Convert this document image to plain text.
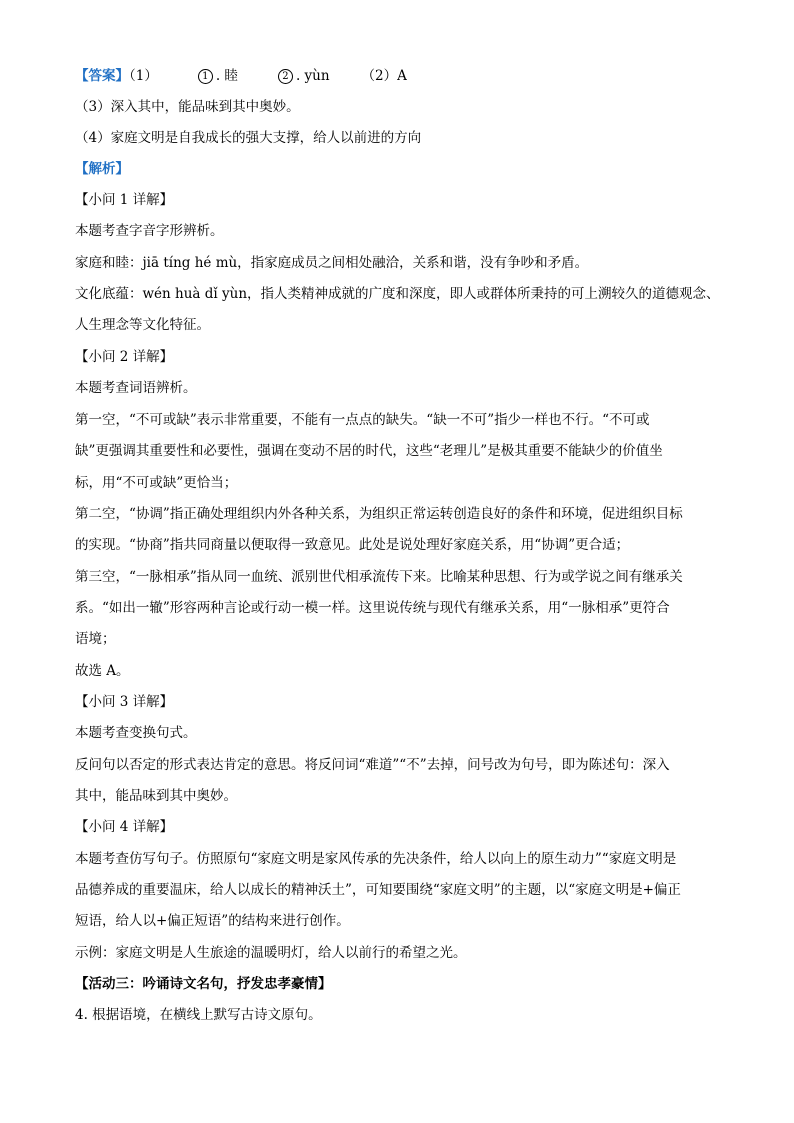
【答案】（1）	1 . 睦	2 . yùn （2）A
（3）深入其中，能品味到其中奥妙。
（4）家庭文明是自我成长的强大支撑，给人以前进的方向
【解析】
【小问 1 详解】
本题考查字音字形辨析。
家庭和睦：jiā tíng hé mù，指家庭成员之间相处融洽，关系和谐，没有争吵和矛盾。
文化底蕴：wén huà dǐ yùn，指人类精神成就的广度和深度，即人或群体所秉持的可上溯较久的道德观念、
人生理念等文化特征。
【小问 2 详解】
本题考查词语辨析。
第一空，“不可或缺”表示非常重要，不能有一点点的缺失。“缺一不可”指少一样也不行。“不可或
缺”更强调其重要性和必要性，强调在变动不居的时代，这些“老理儿”是极其重要不能缺少的价值坐
标，用“不可或缺”更恰当；
第二空，“协调”指正确处理组织内外各种关系，为组织正常运转创造良好的条件和环境，促进组织目标
的实现。“协商”指共同商量以便取得一致意见。此处是说处理好家庭关系，用“协调”更合适；
第三空，“一脉相承”指从同一血统、派别世代相承流传下来。比喻某种思想、行为或学说之间有继承关
系。“如出一辙”形容两种言论或行动一模一样。这里说传统与现代有继承关系，用“一脉相承”更符合
语境；
故选 A。
【小问 3 详解】
本题考查变换句式。
反问句以否定的形式表达肯定的意思。将反问词“难道”“不”去掉，问号改为句号，即为陈述句：深入
其中，能品味到其中奥妙。
【小问 4 详解】
本题考查仿写句子。仿照原句“家庭文明是家风传承的先决条件，给人以向上的原生动力”“家庭文明是
品德养成的重要温床，给人以成长的精神沃土”，可知要围绕“家庭文明”的主题，以“家庭文明是+偏正
短语，给人以+偏正短语”的结构来进行创作。
示例：家庭文明是人生旅途的温暖明灯，给人以前行的希望之光。
【活动三：吟诵诗文名句，抒发忠孝豪情】
4. 根据语境，在横线上默写古诗文原句。
